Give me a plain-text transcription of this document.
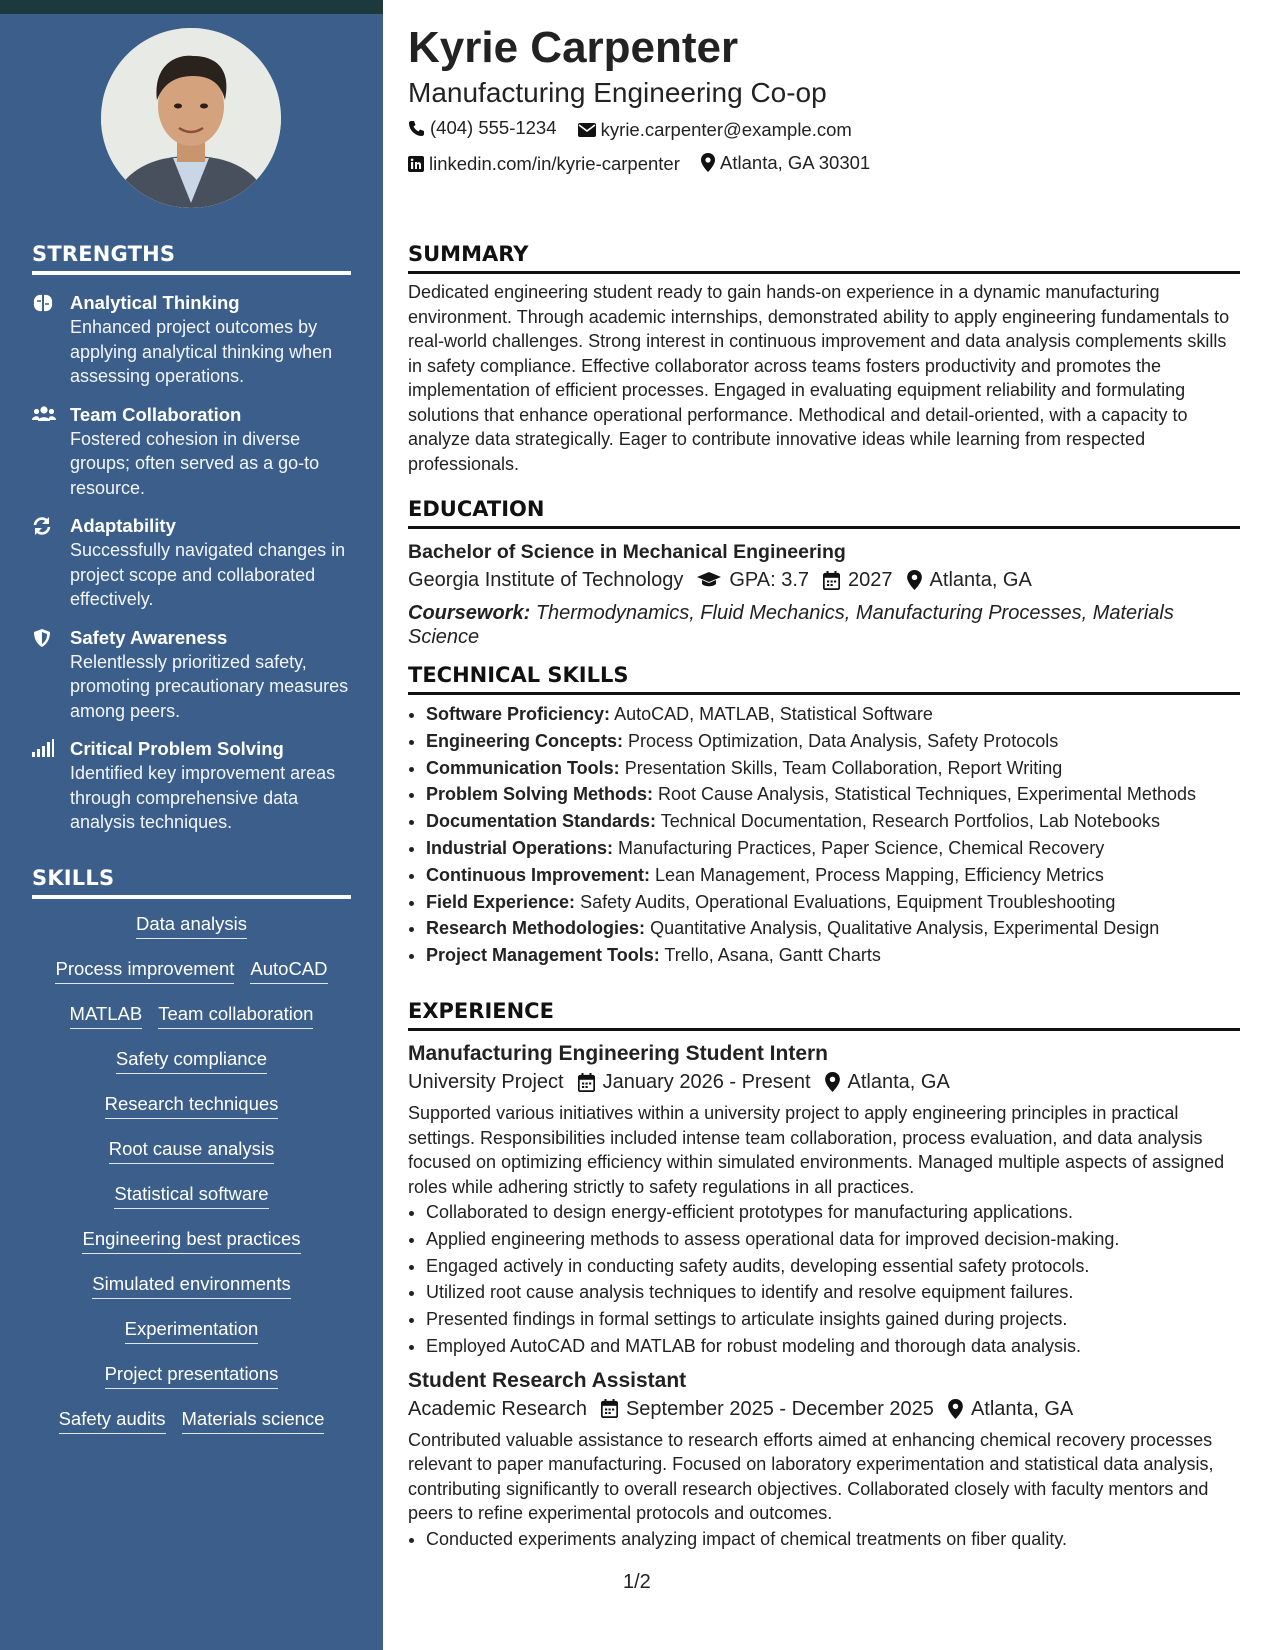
STRENGTHS
Analytical Thinking
Enhanced project outcomes by applying analytical thinking when assessing operations.
Team Collaboration
Fostered cohesion in diverse groups; often served as a go-to resource.
Adaptability
Successfully navigated changes in project scope and collaborated effectively.
Safety Awareness
Relentlessly prioritized safety, promoting precautionary measures among peers.
Critical Problem Solving
Identified key improvement areas through comprehensive data analysis techniques.
SKILLS
Data analysis
Process improvement AutoCAD
MATLAB Team collaboration
Safety compliance
Research techniques
Root cause analysis
Statistical software
Engineering best practices
Simulated environments
Experimentation
Project presentations
Safety audits Materials science
Kyrie Carpenter
Manufacturing Engineering Co-op
(404) 555-1234
kyrie.carpenter@example.com
linkedin.com/in/kyrie-carpenter
Atlanta, GA 30301
SUMMARY

Dedicated engineering student ready to gain hands-on experience in a dynamic manufacturing environment. Through academic internships, demonstrated ability to apply engineering fundamentals to real-world challenges. Strong interest in continuous improvement and data analysis complements skills in safety compliance. Effective collaborator across teams fosters productivity and promotes the implementation of efficient processes. Engaged in evaluating equipment reliability and formulating solutions that enhance operational performance. Methodical and detail-oriented, with a capacity to analyze data strategically. Eager to contribute innovative ideas while learning from respected professionals.

EDUCATION
Bachelor of Science in Mechanical Engineering
Georgia Institute of Technology GPA: 3.7 2027 Atlanta, GA
Coursework: Thermodynamics, Fluid Mechanics, Manufacturing Processes, Materials Science
TECHNICAL SKILLS
• Software Proficiency: AutoCAD, MATLAB, Statistical Software
• Engineering Concepts: Process Optimization, Data Analysis, Safety Protocols
• Communication Tools: Presentation Skills, Team Collaboration, Report Writing
• Problem Solving Methods: Root Cause Analysis, Statistical Techniques, Experimental Methods
• Documentation Standards: Technical Documentation, Research Portfolios, Lab Notebooks
• Industrial Operations: Manufacturing Practices, Paper Science, Chemical Recovery
• Continuous Improvement: Lean Management, Process Mapping, Efficiency Metrics
• Field Experience: Safety Audits, Operational Evaluations, Equipment Troubleshooting
• Research Methodologies: Quantitative Analysis, Qualitative Analysis, Experimental Design
• Project Management Tools: Trello, Asana, Gantt Charts
EXPERIENCE
Manufacturing Engineering Student Intern
University Project January 2026 - Present Atlanta, GA

Supported various initiatives within a university project to apply engineering principles in practical settings. Responsibilities included intense team collaboration, process evaluation, and data analysis focused on optimizing efficiency within simulated environments. Managed multiple aspects of assigned roles while adhering strictly to safety regulations in all practices.

• Collaborated to design energy-efficient prototypes for manufacturing applications.
• Applied engineering methods to assess operational data for improved decision-making.
• Engaged actively in conducting safety audits, developing essential safety protocols.
• Utilized root cause analysis techniques to identify and resolve equipment failures.
• Presented findings in formal settings to articulate insights gained during projects.
• Employed AutoCAD and MATLAB for robust modeling and thorough data analysis.
Student Research Assistant
Academic Research September 2025 - December 2025 Atlanta, GA

Contributed valuable assistance to research efforts aimed at enhancing chemical recovery processes relevant to paper manufacturing. Focused on laboratory experimentation and statistical data analysis, contributing significantly to overall research objectives. Collaborated closely with faculty mentors and peers to refine experimental protocols and outcomes.

• Conducted experiments analyzing impact of chemical treatments on fiber quality.
1/2
